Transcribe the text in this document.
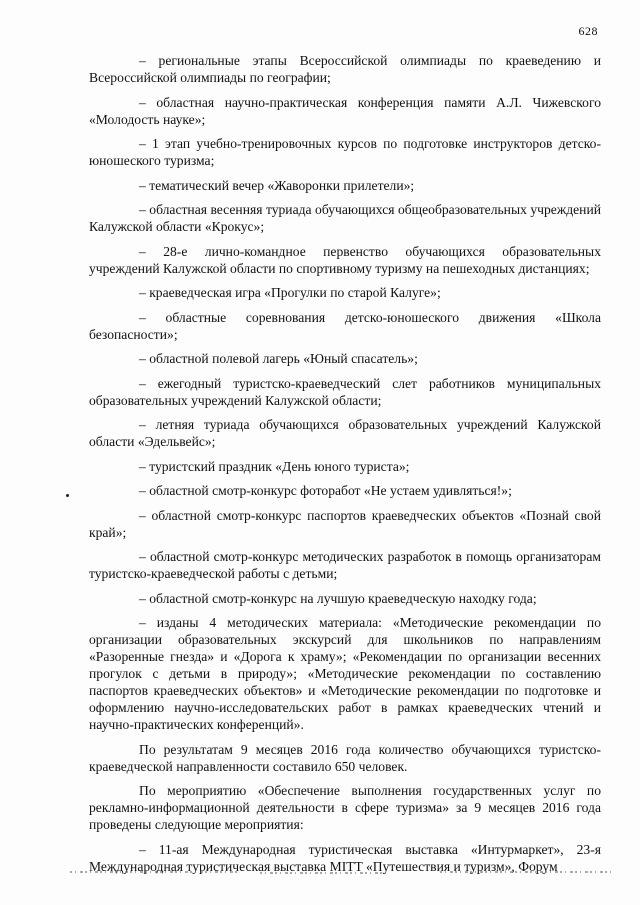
628

– региональные этапы Всероссийской олимпиады по краеведению и Всероссийской олимпиады по географии;

– областная научно-практическая конференция памяти А.Л. Чижевского «Молодость науке»;

– 1 этап учебно-тренировочных курсов по подготовке инструкторов детско-юношеского туризма;

– тематический вечер «Жаворонки прилетели»;

– областная весенняя туриада обучающихся общеобразовательных учреждений Калужской области «Крокус»;

– 28-е лично-командное первенство обучающихся образовательных учреждений Калужской области по спортивному туризму на пешеходных дистанциях;

– краеведческая игра «Прогулки по старой Калуге»;

– областные соревнования детско-юношеского движения «Школа безопасности»;

– областной полевой лагерь «Юный спасатель»;

– ежегодный туристско-краеведческий слет работников муниципальных образовательных учреждений Калужской области;

– летняя туриада обучающихся образовательных учреждений Калужской области «Эдельвейс»;

– туристский праздник «День юного туриста»;

– областной смотр-конкурс фоторабот «Не устаем удивляться!»;

– областной смотр-конкурс паспортов краеведческих объектов «Познай свой край»;

– областной смотр-конкурс методических разработок в помощь организаторам туристско-краеведческой работы с детьми;

– областной смотр-конкурс на лучшую краеведческую находку года;

– изданы 4 методических материала: «Методические рекомендации по организации образовательных экскурсий для школьников по направлениям «Разоренные гнезда» и «Дорога к храму»; «Рекомендации по организации весенних прогулок с детьми в природу»; «Методические рекомендации по составлению паспортов краеведческих объектов» и «Методические рекомендации по подготовке и оформлению научно-исследовательских работ в рамках краеведческих чтений и научно-практических конференций».

По результатам 9 месяцев 2016 года количество обучающихся туристско-краеведческой направленности составило 650 человек.

По мероприятию «Обеспечение выполнения государственных услуг по рекламно-информационной деятельности в сфере туризма» за 9 месяцев 2016 года проведены следующие мероприятия:

– 11-ая Международная туристическая выставка «Интурмаркет», 23-я Международная туристическая выставка МITT «Путешествия и туризм», Форум
